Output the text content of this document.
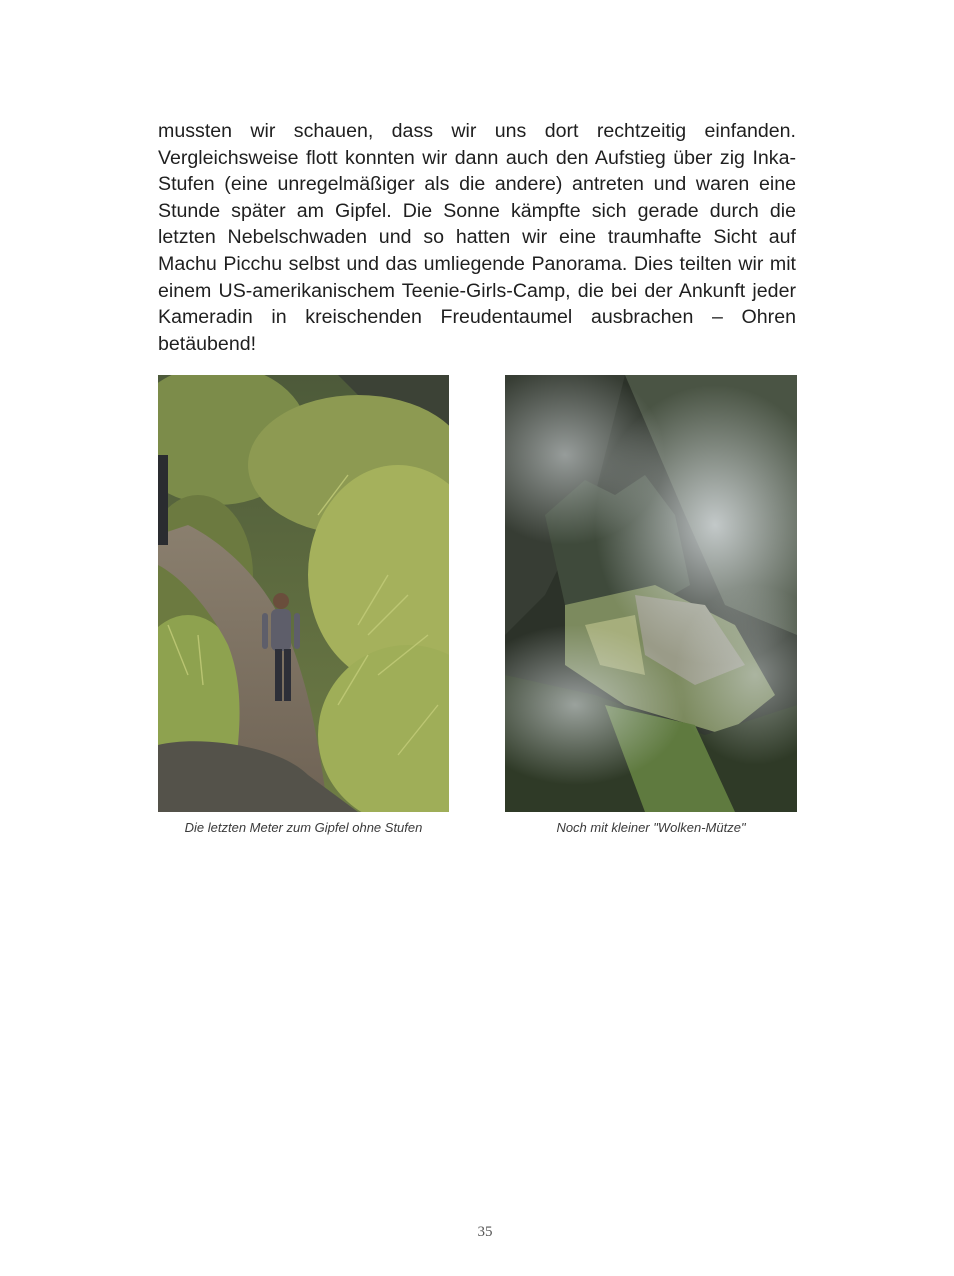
mussten wir schauen, dass wir uns dort rechtzeitig einfanden. Vergleichsweise flott konnten wir dann auch den Aufstieg über zig Inka-Stufen (eine unregelmäßiger als die andere) antreten und waren eine Stunde später am Gipfel. Die Sonne kämpfte sich gerade durch die letzten Nebelschwaden und so hatten wir eine traumhafte Sicht auf Machu Picchu selbst und das umliegende Panorama. Dies teilten wir mit einem US-amerikanischem Teenie-Girls-Camp, die bei der Ankunft jeder Kameradin in kreischenden Freudentaumel ausbrachen – Ohren betäubend!

Die letzten Meter zum Gipfel ohne Stufen	Noch mit kleiner "Wolken-Mütze"

35
